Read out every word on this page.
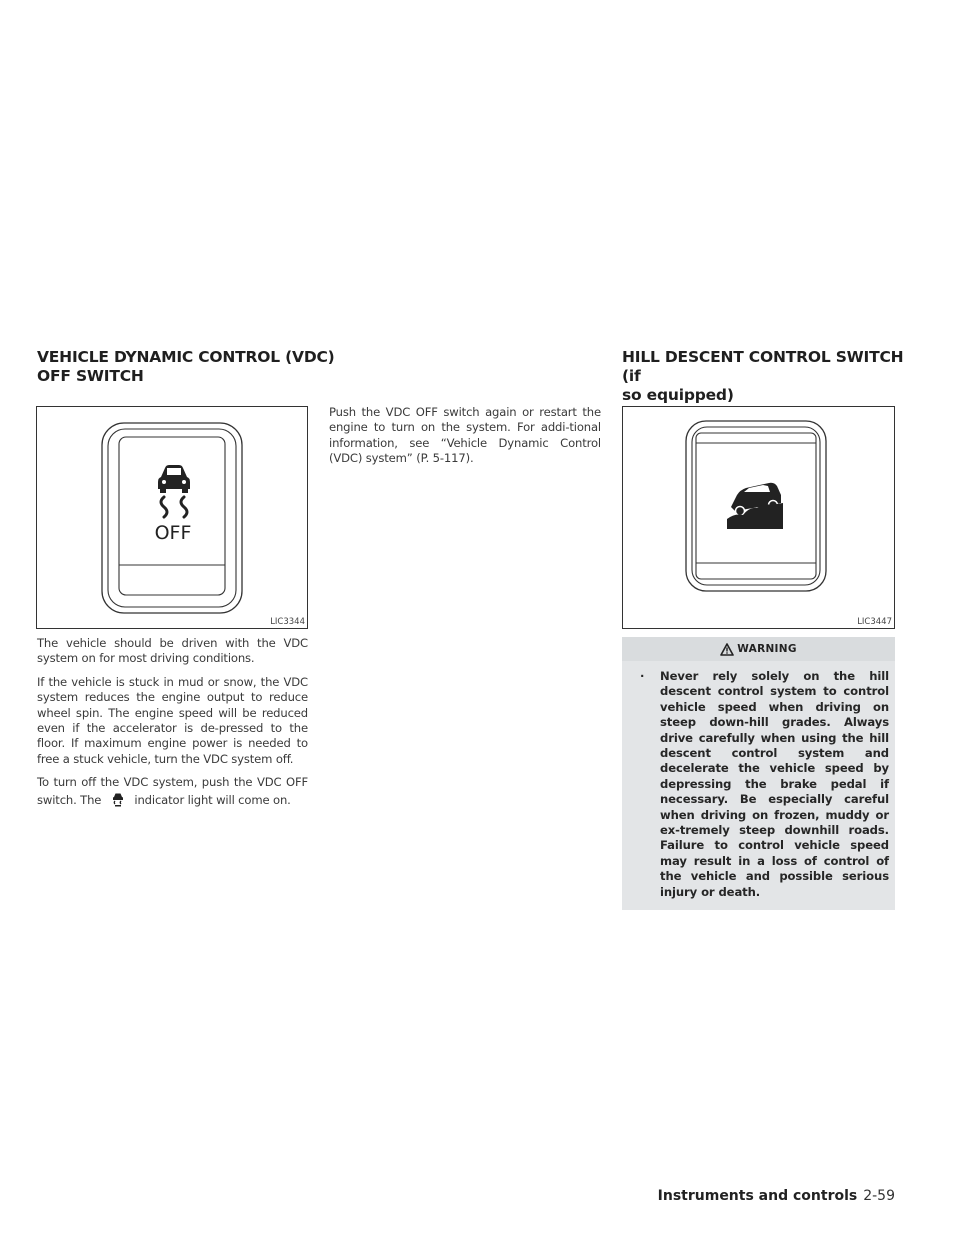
VEHICLE DYNAMIC CONTROL (VDC)
OFF SWITCH
OFF
LIC3344

The vehicle should be driven with the VDC system on for most driving conditions.

If the vehicle is stuck in mud or snow, the VDC system reduces the engine output to reduce wheel spin. The engine speed will be reduced even if the accelerator is de-pressed to the floor. If maximum engine power is needed to free a stuck vehicle, turn the VDC system off.

To turn off the VDC system, push the VDC OFF switch. The	indicator light will come on.

Push the VDC OFF switch again or restart the engine to turn on the system. For addi-tional information, see “Vehicle Dynamic Control (VDC) system” (P. 5-117).

HILL DESCENT CONTROL SWITCH (if
so equipped)
LIC3447
WARNING
·	Never rely solely on the hill descent control system to control vehicle speed when driving on steep down-hill grades. Always drive carefully when using the hill descent control system and decelerate the vehicle speed by depressing the brake pedal if necessary. Be especially careful when driving on frozen, muddy or ex-tremely steep downhill roads. Failure to control vehicle speed may result in a loss of control of the vehicle and possible serious injury or death.
Instruments and controls 2-59
